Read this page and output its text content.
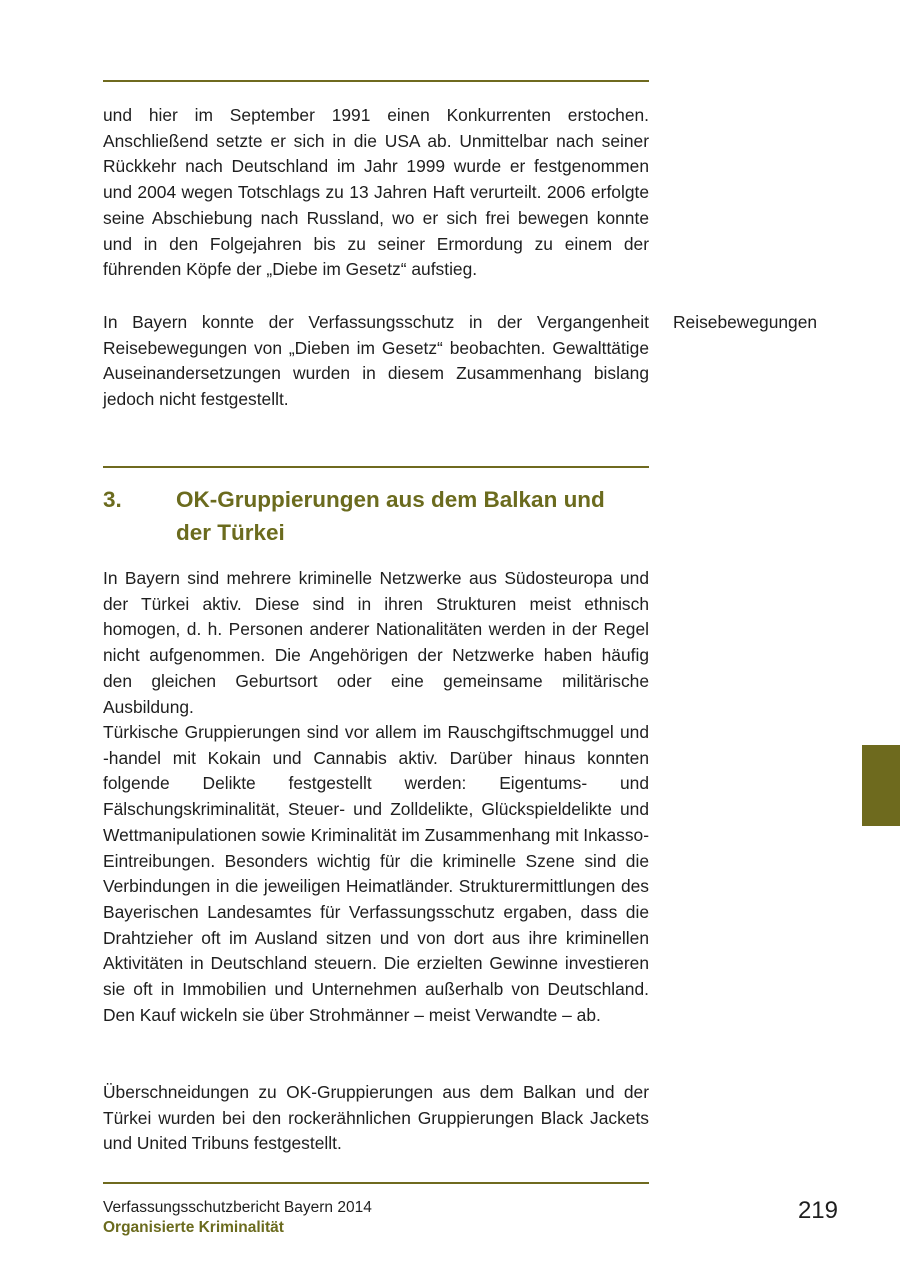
und hier im September 1991 einen Konkurrenten erstochen. Anschließend setzte er sich in die USA ab. Unmittelbar nach seiner Rückkehr nach Deutschland im Jahr 1999 wurde er festgenommen und 2004 wegen Totschlags zu 13 Jahren Haft verurteilt. 2006 erfolgte seine Abschiebung nach Russland, wo er sich frei bewegen konnte und in den Folgejahren bis zu seiner Ermordung zu einem der führenden Köpfe der „Diebe im Gesetz“ aufstieg.

In Bayern konnte der Verfassungsschutz in der Vergangenheit Reisebewegungen von „Dieben im Gesetz“ beobachten. Gewalttätige Auseinandersetzungen wurden in diesem Zusammenhang bislang jedoch nicht festgestellt.

Reisebewegungen
3. OK-Gruppierungen aus dem Balkan und der Türkei

In Bayern sind mehrere kriminelle Netzwerke aus Südosteuropa und der Türkei aktiv. Diese sind in ihren Strukturen meist ethnisch homogen, d. h. Personen anderer Nationalitäten werden in der Regel nicht aufgenommen. Die Angehörigen der Netzwerke haben häufig den gleichen Geburtsort oder eine gemeinsame militärische Ausbildung.

Türkische Gruppierungen sind vor allem im Rauschgiftschmuggel und -handel mit Kokain und Cannabis aktiv. Darüber hinaus konnten folgende Delikte festgestellt werden: Eigentums- und Fälschungskriminalität, Steuer- und Zolldelikte, Glückspieldelikte und Wettmanipulationen sowie Kriminalität im Zusammenhang mit Inkasso-Eintreibungen. Besonders wichtig für die kriminelle Szene sind die Verbindungen in die jeweiligen Heimatländer. Strukturermittlungen des Bayerischen Landesamtes für Verfassungsschutz ergaben, dass die Drahtzieher oft im Ausland sitzen und von dort aus ihre kriminellen Aktivitäten in Deutschland steuern. Die erzielten Gewinne investieren sie oft in Immobilien und Unternehmen außerhalb von Deutschland. Den Kauf wickeln sie über Strohmänner – meist Verwandte – ab.

Überschneidungen zu OK-Gruppierungen aus dem Balkan und der Türkei wurden bei den rockerähnlichen Gruppierungen Black Jackets und United Tribuns festgestellt.

Verfassungsschutzbericht Bayern 2014
Organisierte Kriminalität
219
